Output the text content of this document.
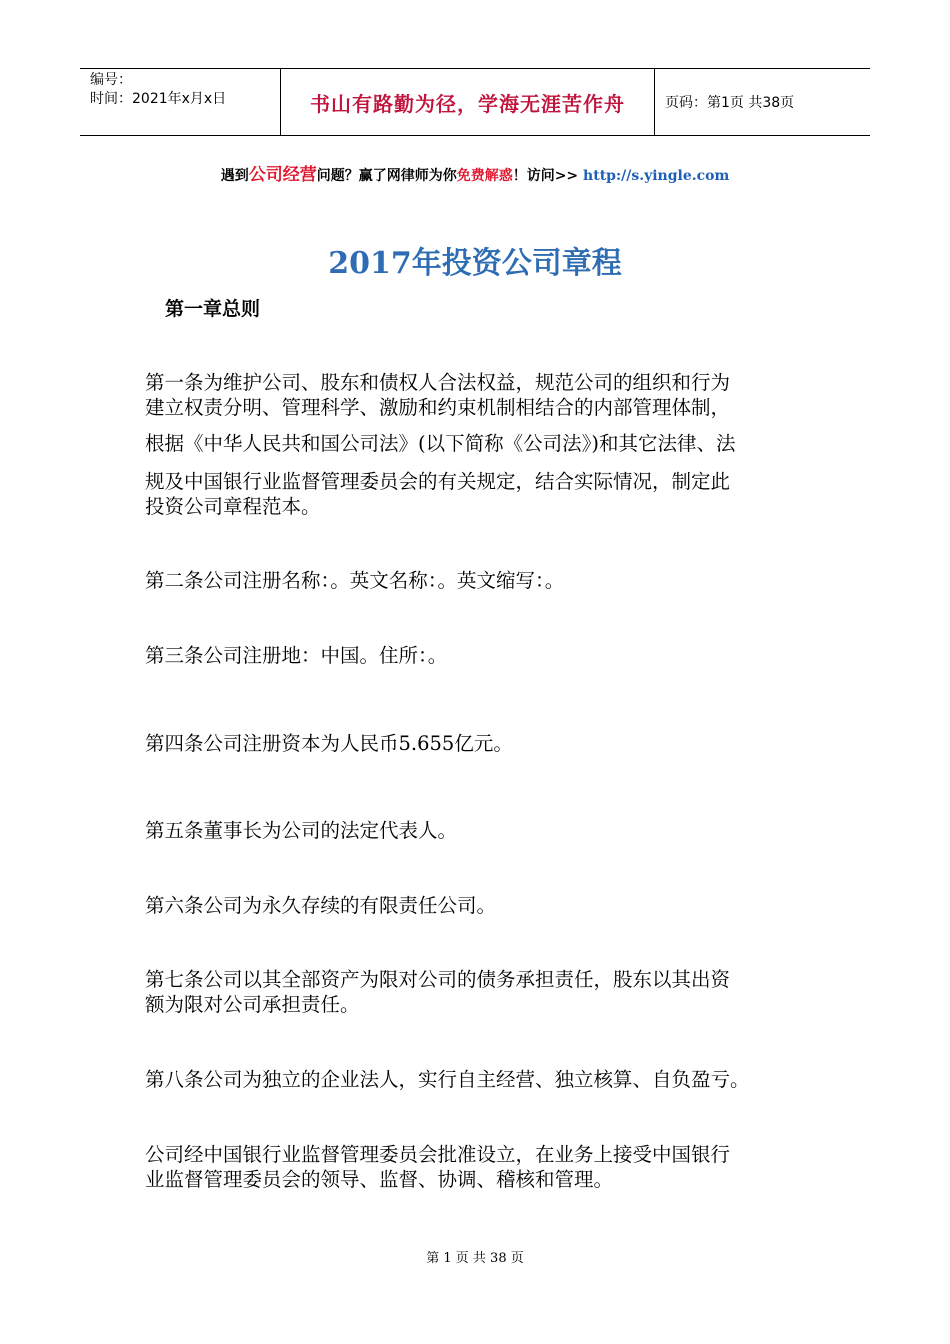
编号：
时间：2021年x月x日	书山有路勤为径，学海无涯苦作舟	页码：第1页 共38页
遇到公司经营问题？赢了网律师为你免费解惑！访问>> http://s.yingle.com
2017年投资公司章程
第一章总则
第一条为维护公司、股东和债权人合法权益，规范公司的组织和行为
建立权责分明、管理科学、激励和约束机制相结合的内部管理体制，
根据《中华人民共和国公司法》(以下简称《公司法》)和其它法律、法
规及中国银行业监督管理委员会的有关规定，结合实际情况，制定此
投资公司章程范本。
第二条公司注册名称：。英文名称：。英文缩写：。
第三条公司注册地：中国。住所：。
第四条公司注册资本为人民币5.655亿元。
第五条董事长为公司的法定代表人。
第六条公司为永久存续的有限责任公司。
第七条公司以其全部资产为限对公司的债务承担责任，股东以其出资
额为限对公司承担责任。
第八条公司为独立的企业法人，实行自主经营、独立核算、自负盈亏。
公司经中国银行业监督管理委员会批准设立，在业务上接受中国银行
业监督管理委员会的领导、监督、协调、稽核和管理。
第 1 页 共 38 页
